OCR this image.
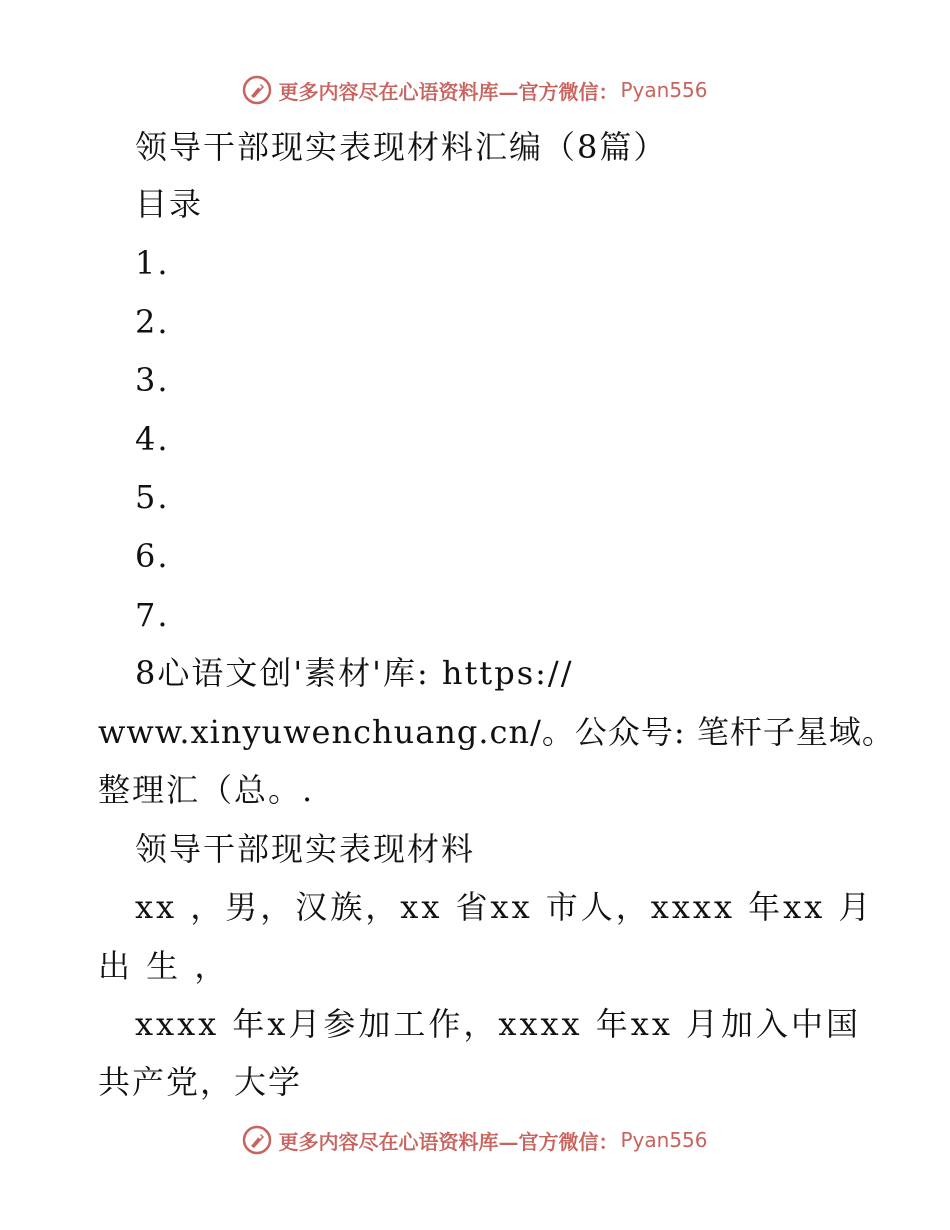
更多内容尽在心语资料库—官方微信： Pyan556
领导干部现实表现材料汇编（8篇）
目录
1.
2.
3.
4.
5.
6.
7.
8心语文创'素材'库: https://
www.xinyuwenchuang.cn/。公众号: 笔杆子星域。
整理汇（总。.
领导干部现实表现材料
xx ，男，汉族，xx 省xx 市人，xxxx 年xx 月
出 生 ，
xxxx 年x月参加工作，xxxx 年xx 月加入中国
共产党，大学
更多内容尽在心语资料库—官方微信： Pyan556
